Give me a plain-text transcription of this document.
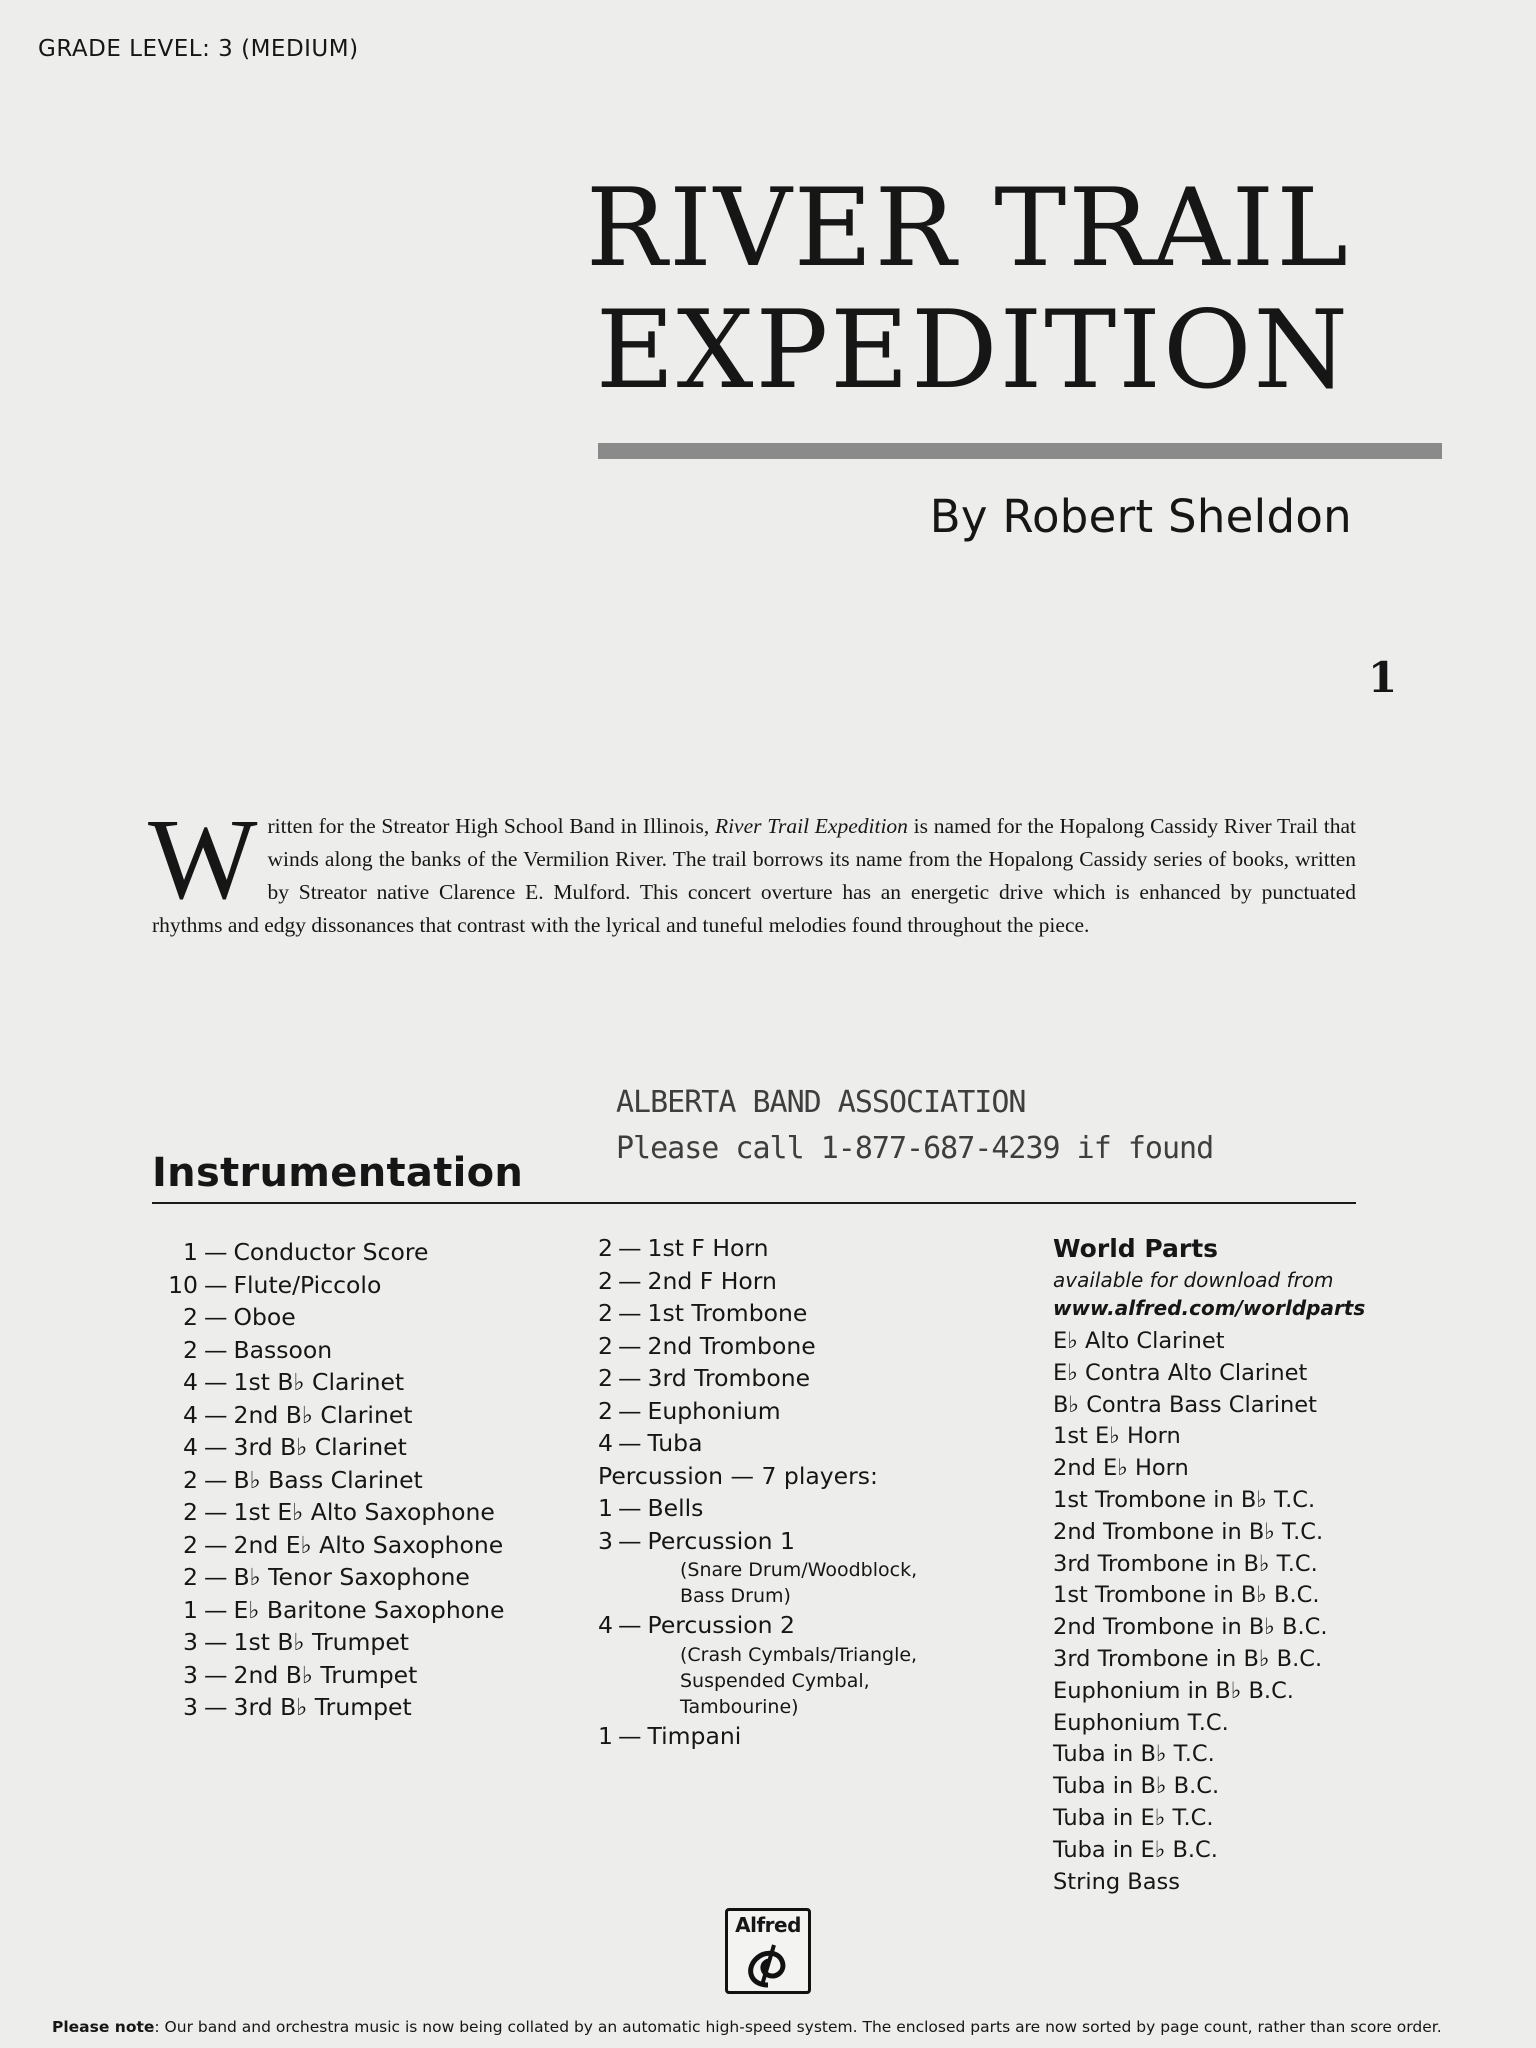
GRADE LEVEL: 3 (MEDIUM)
RIVER TRAIL
EXPEDITION
By Robert Sheldon
1
Written for the Streator High School Band in Illinois, River Trail Expedition is named for the Hopalong Cassidy River Trail that winds along the banks of the Vermilion River. The trail borrows its name from the Hopalong Cassidy series of books, written by Streator native Clarence E. Mulford. This concert overture has an energetic drive which is enhanced by punctuated rhythms and edgy dissonances that contrast with the lyrical and tuneful melodies found throughout the piece.
ALBERTA BAND ASSOCIATION
Please call 1-877-687-4239 if found
Instrumentation
1 — Conductor Score
10 — Flute/Piccolo
2 — Oboe
2 — Bassoon
4 — 1st B♭ Clarinet
4 — 2nd B♭ Clarinet
4 — 3rd B♭ Clarinet
2 — B♭ Bass Clarinet
2 — 1st E♭ Alto Saxophone
2 — 2nd E♭ Alto Saxophone
2 — B♭ Tenor Saxophone
1 — E♭ Baritone Saxophone
3 — 1st B♭ Trumpet
3 — 2nd B♭ Trumpet
3 — 3rd B♭ Trumpet
2 — 1st F Horn
2 — 2nd F Horn
2 — 1st Trombone
2 — 2nd Trombone
2 — 3rd Trombone
2 — Euphonium
4 — Tuba
Percussion — 7 players:
1 — Bells
3 — Percussion 1
(Snare Drum/Woodblock,
Bass Drum)
4 — Percussion 2
(Crash Cymbals/Triangle,
Suspended Cymbal,
Tambourine)
1 — Timpani
World Parts
available for download from
www.alfred.com/worldparts
E♭ Alto Clarinet
E♭ Contra Alto Clarinet
B♭ Contra Bass Clarinet
1st E♭ Horn
2nd E♭ Horn
1st Trombone in B♭ T.C.
2nd Trombone in B♭ T.C.
3rd Trombone in B♭ T.C.
1st Trombone in B♭ B.C.
2nd Trombone in B♭ B.C.
3rd Trombone in B♭ B.C.
Euphonium in B♭ B.C.
Euphonium T.C.
Tuba in B♭ T.C.
Tuba in B♭ B.C.
Tuba in E♭ T.C.
Tuba in E♭ B.C.
String Bass
Alfred
Please note: Our band and orchestra music is now being collated by an automatic high-speed system. The enclosed parts are now sorted by page count, rather than score order.
